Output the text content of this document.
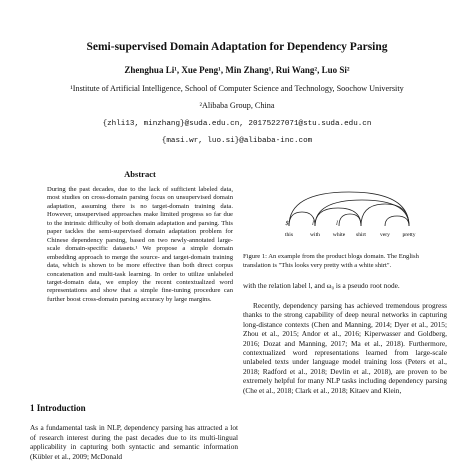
Semi-supervised Domain Adaptation for Dependency Parsing
Zhenghua Li¹, Xue Peng¹, Min Zhang¹, Rui Wang², Luo Si²
¹Institute of Artificial Intelligence, School of Computer Science and Technology, Soochow University
²Alibaba Group, China
{zhli13, minzhang}@suda.edu.cn, 20175227071@stu.suda.edu.cn
{masi.wr, luo.si}@alibaba-inc.com
Abstract
During the past decades, due to the lack of sufficient labeled data, most studies on cross-domain parsing focus on unsupervised domain adaptation, assuming there is no target-domain training data. However, unsupervised approaches make limited progress so far due to the intrinsic difficulty of both domain adaptation and parsing. This paper tackles the semi-supervised domain adaptation problem for Chinese dependency parsing, based on two newly-annotated large-scale domain-specific datasets.¹ We propose a simple domain embedding approach to merge the source- and target-domain training data, which is shown to be more effective than both direct corpus concatenation and multi-task learning. In order to utilize unlabeled target-domain data, we employ the recent contextualized word representations and show that a simple fine-tuning procedure can further boost cross-domain parsing accuracy by large margins.
1 Introduction
As a fundamental task in NLP, dependency parsing has attracted a lot of research interest during the past decades due to its multi-lingual applicability in capturing both syntactic and semantic information (Kübler et al., 2009; McDonald
this	with white shirt	very pretty
$	l	l
Figure 1: An example from the product blogs domain. The English translation is "This looks very pretty with a white shirt".
with the relation label l, and ω₀ is a pseudo root node.
Recently, dependency parsing has achieved tremendous progress thanks to the strong capability of deep neural networks in capturing long-distance contexts (Chen and Manning, 2014; Dyer et al., 2015; Zhou et al., 2015; Andor et al., 2016; Kiperwasser and Goldberg, 2016; Dozat and Manning, 2017; Ma et al., 2018). Furthermore, contextualized word representations learned from large-scale unlabeled texts under language model training loss (Peters et al., 2018; Radford et al., 2018; Devlin et al., 2018), are proven to be extremely helpful for many NLP tasks including dependency parsing (Che et al., 2018; Clark et al., 2018; Kitaev and Klein,
